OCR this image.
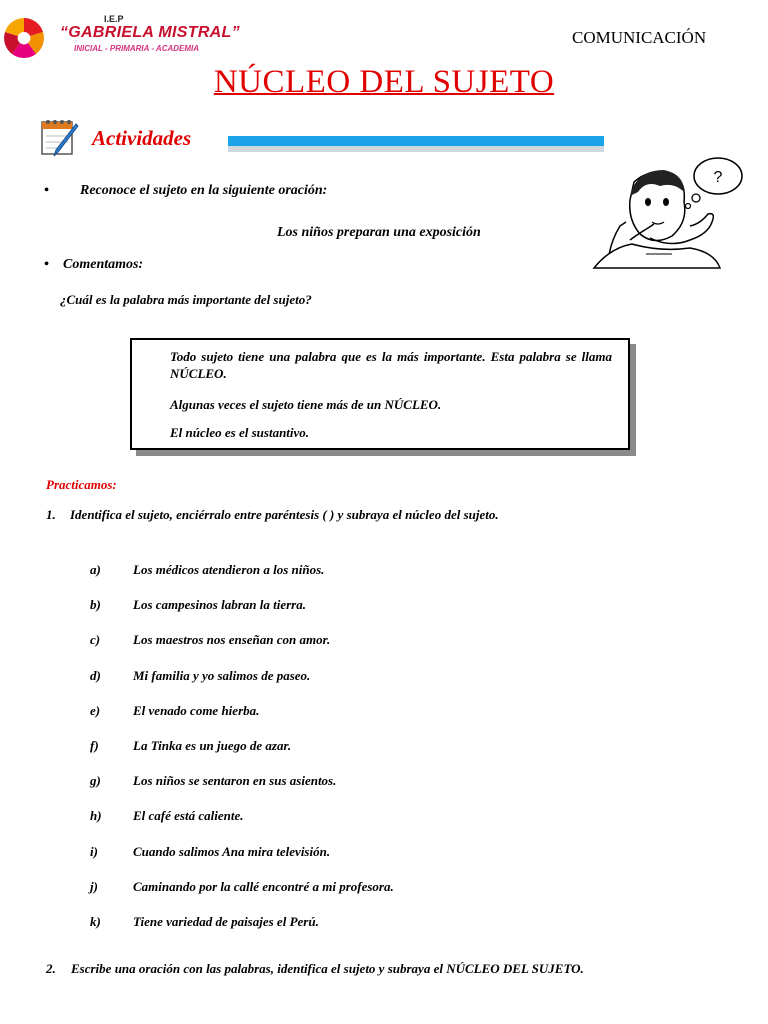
I.E.P
“GABRIELA MISTRAL”
INICIAL - PRIMARIA - ACADEMIA
COMUNICACIÓN
NÚCLEO DEL SUJETO
Actividades
• Reconoce el sujeto en la siguiente oración:
Los niños preparan una exposición
• Comentamos:
¿Cuál es la palabra más importante del sujeto?
?

Todo sujeto tiene una palabra que es la más importante. Esta palabra se llama NÚCLEO.

Algunas veces el sujeto tiene más de un NÚCLEO.

El núcleo es el sustantivo.

Practicamos:
1. Identifica el sujeto, enciérralo entre paréntesis ( ) y subraya el núcleo del sujeto.
a) Los médicos atendieron a los niños.
b) Los campesinos labran la tierra.
c)	Los maestros nos enseñan con amor.
d) Mi familia y yo salimos de paseo.
e)	El venado come hierba.
f)	La Tinka es un juego de azar.
g) Los niños se sentaron en sus asientos.
h) El café está caliente.
i)	Cuando salimos Ana mira televisión.
j)	Caminando por la callé encontré a mi profesora.
k) Tiene variedad de paisajes el Perú.
2. Escribe una oración con las palabras, identifica el sujeto y subraya el NÚCLEO DEL SUJETO.
